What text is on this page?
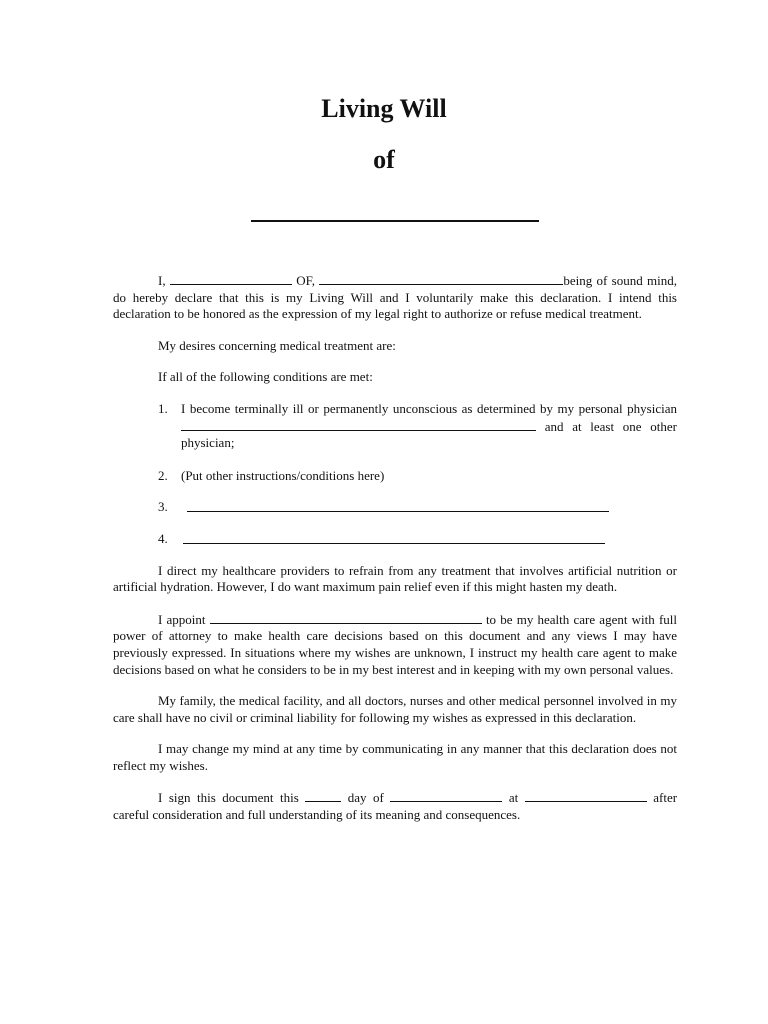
Living Will
of

I,	OF,	being of sound mind, do hereby declare that this is my Living Will and I voluntarily make this declaration. I intend this declaration to be honored as the expression of my legal right to authorize or refuse medical treatment.

My desires concerning medical treatment are:

If all of the following conditions are met:

1.	I become terminally ill or permanently unconscious as determined by my personal physician  and at least one other physician;
2.	(Put other instructions/conditions here)
3.
4.

I direct my healthcare providers to refrain from any treatment that involves artificial nutrition or artificial hydration. However, I do want maximum pain relief even if this might hasten my death.

I appoint	to be my health care agent with full power of attorney to make health care decisions based on this document and any views I may have previously expressed. In situations where my wishes are unknown, I instruct my health care agent to make decisions based on what he considers to be in my best interest and in keeping with my own personal values.

My family, the medical facility, and all doctors, nurses and other medical personnel involved in my care shall have no civil or criminal liability for following my wishes as expressed in this declaration.

I may change my mind at any time by communicating in any manner that this declaration does not reflect my wishes.

I sign this document this	day of	at	after careful consideration and full understanding of its meaning and consequences.
